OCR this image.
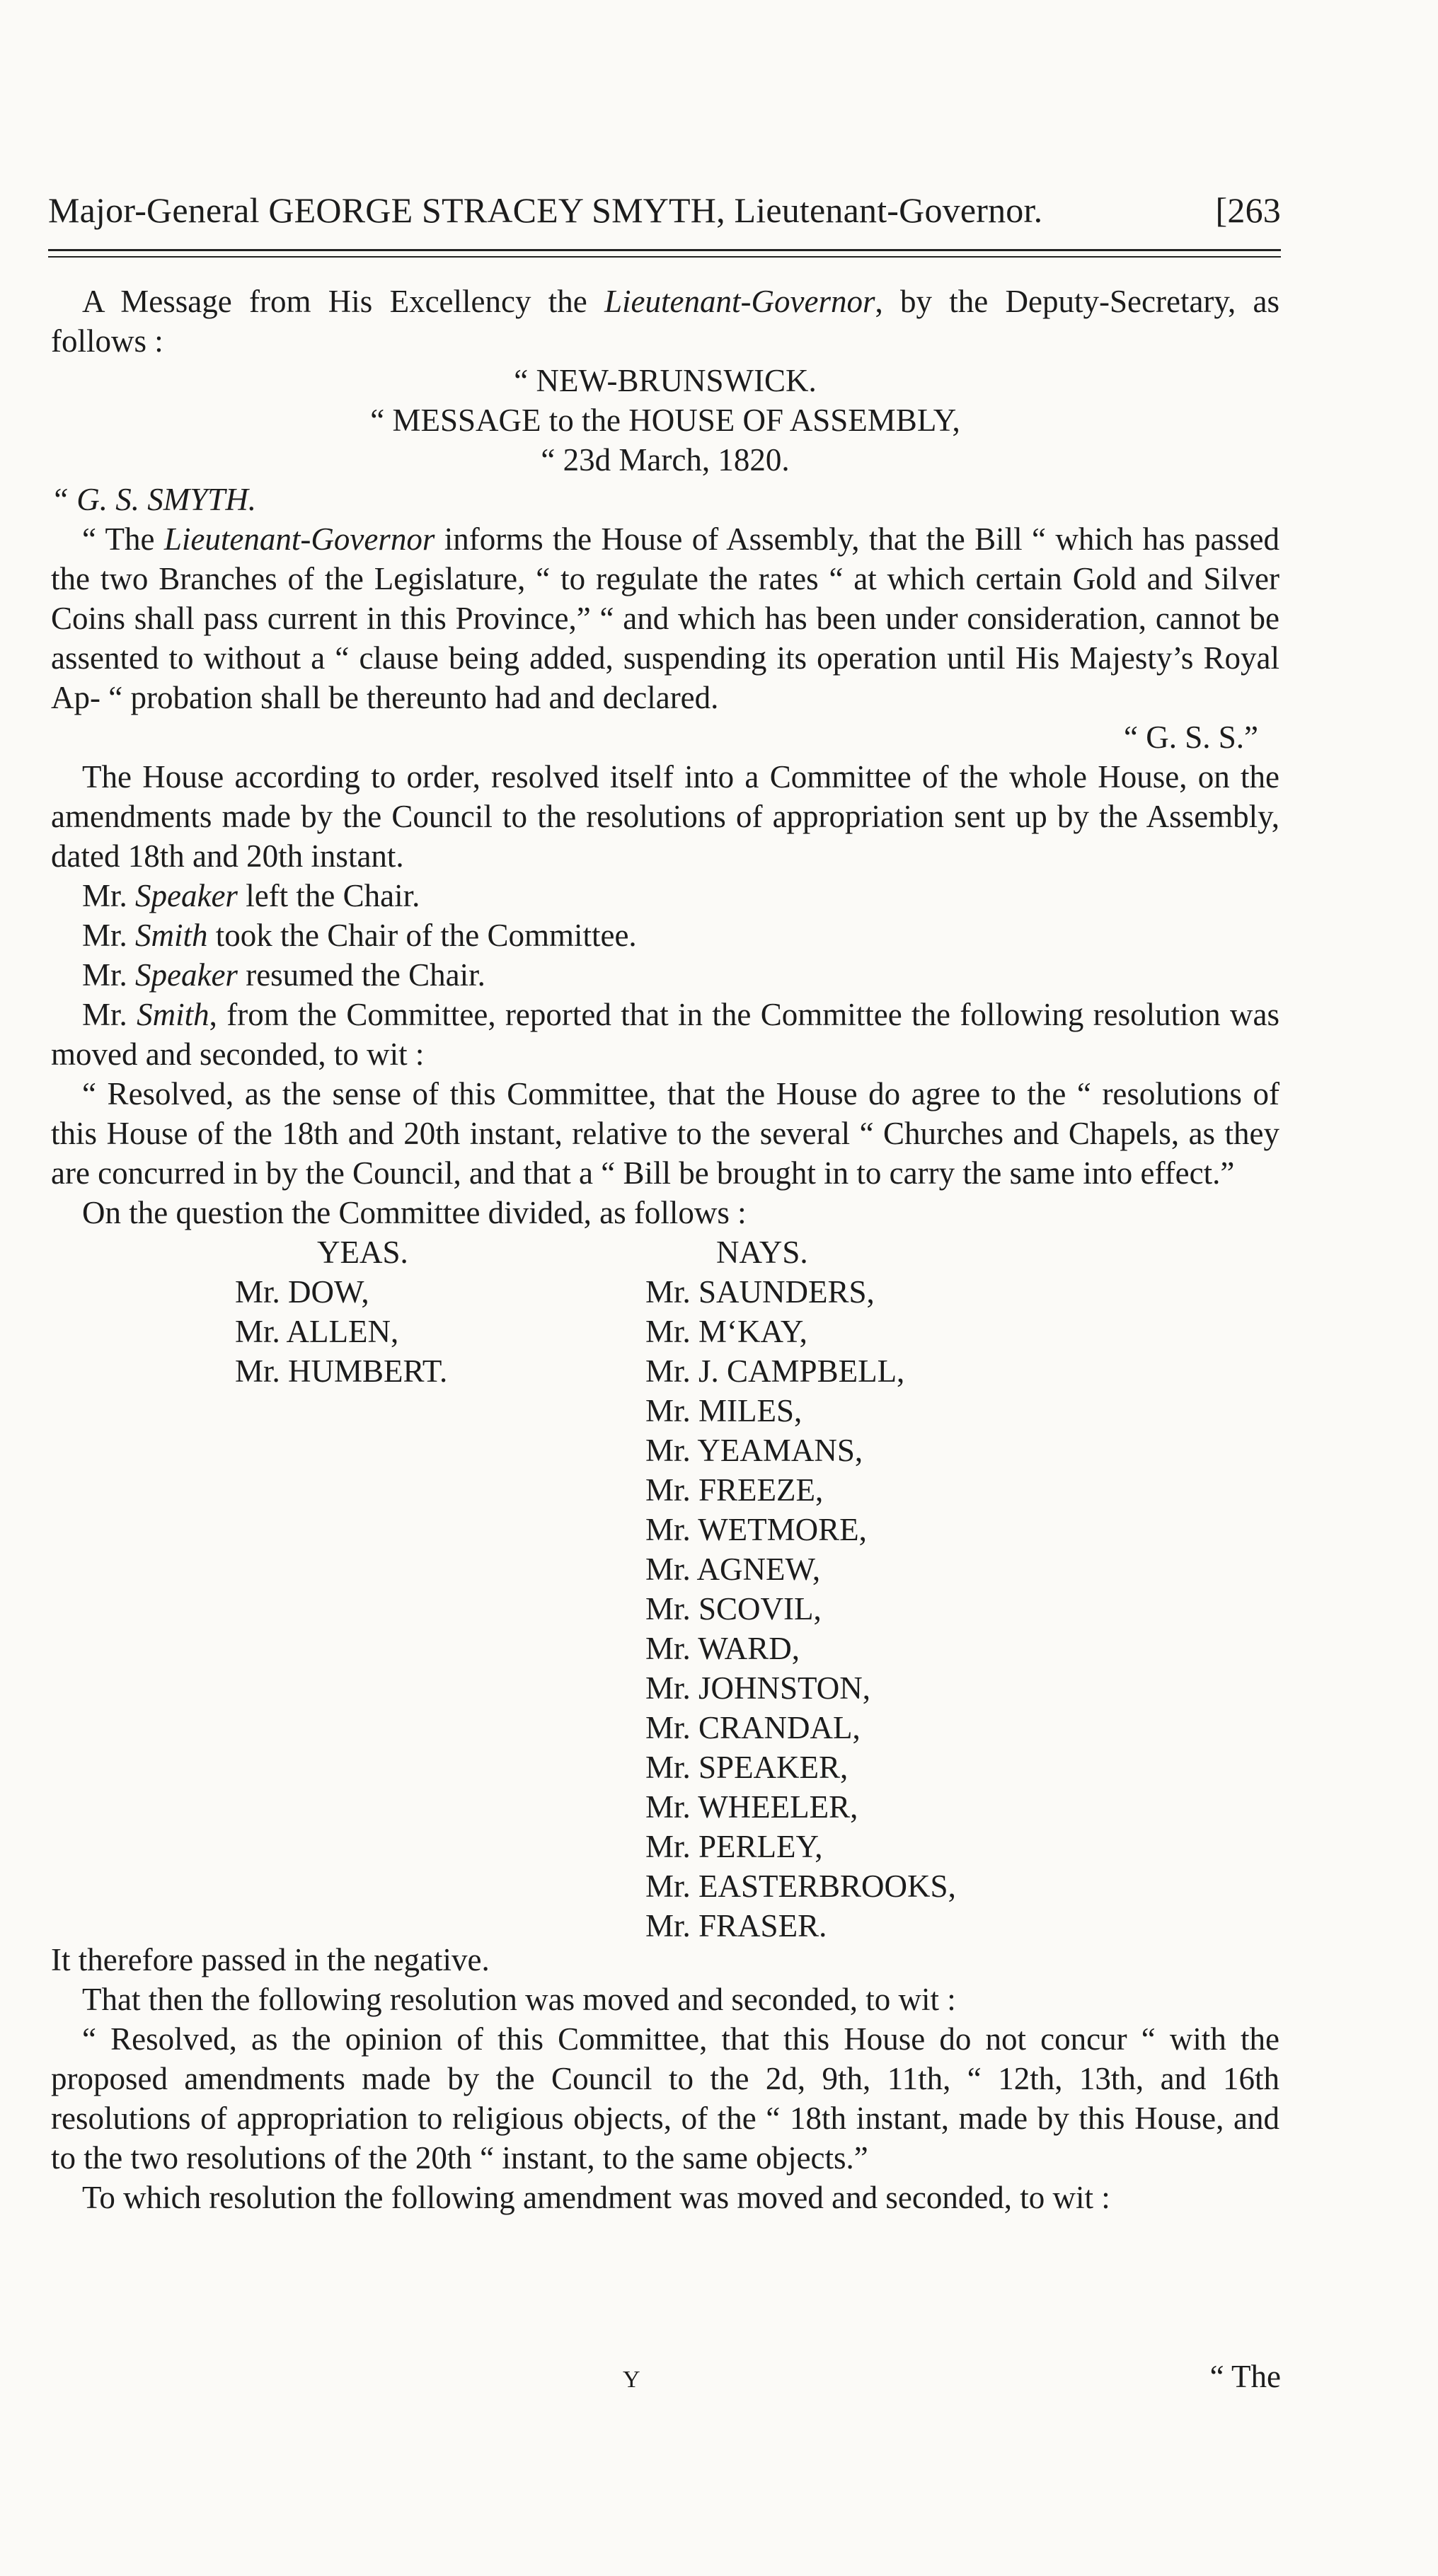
Major-General GEORGE STRACEY SMYTH, Lieutenant-Governor.	[263

A Message from His Excellency the Lieutenant-Governor, by the Deputy-Secretary, as follows :

“ NEW-BRUNSWICK.

“ MESSAGE to the HOUSE OF ASSEMBLY,

“ 23d March, 1820.

“ G. S. SMYTH.

“ The Lieutenant-Governor informs the House of Assembly, that the Bill “ which has passed the two Branches of the Legislature, “ to regulate the rates “ at which certain Gold and Silver Coins shall pass current in this Province,” “ and which has been under consideration, cannot be assented to without a “ clause being added, suspending its operation until His Majesty’s Royal Ap- “ probation shall be thereunto had and declared.

“ G. S. S.”

The House according to order, resolved itself into a Committee of the whole House, on the amendments made by the Council to the resolutions of appropriation sent up by the Assembly, dated 18th and 20th instant.

Mr. Speaker left the Chair.

Mr. Smith took the Chair of the Committee.

Mr. Speaker resumed the Chair.

Mr. Smith, from the Committee, reported that in the Committee the following resolution was moved and seconded, to wit :

“ Resolved, as the sense of this Committee, that the House do agree to the “ resolutions of this House of the 18th and 20th instant, relative to the several “ Churches and Chapels, as they are concurred in by the Council, and that a “ Bill be brought in to carry the same into effect.”

On the question the Committee divided, as follows :

YEAS.
Mr. DOW,
Mr. ALLEN,
Mr. HUMBERT.
NAYS.
Mr. SAUNDERS,
Mr. M‘KAY,
Mr. J. CAMPBELL,
Mr. MILES,
Mr. YEAMANS,
Mr. FREEZE,
Mr. WETMORE,
Mr. AGNEW,
Mr. SCOVIL,
Mr. WARD,
Mr. JOHNSTON,
Mr. CRANDAL,
Mr. SPEAKER,
Mr. WHEELER,
Mr. PERLEY,
Mr. EASTERBROOKS,
Mr. FRASER.

It therefore passed in the negative.

That then the following resolution was moved and seconded, to wit :

“ Resolved, as the opinion of this Committee, that this House do not concur “ with the proposed amendments made by the Council to the 2d, 9th, 11th, “ 12th, 13th, and 16th resolutions of appropriation to religious objects, of the “ 18th instant, made by this House, and to the two resolutions of the 20th “ instant, to the same objects.”

To which resolution the following amendment was moved and seconded, to wit :

Y	“ The
